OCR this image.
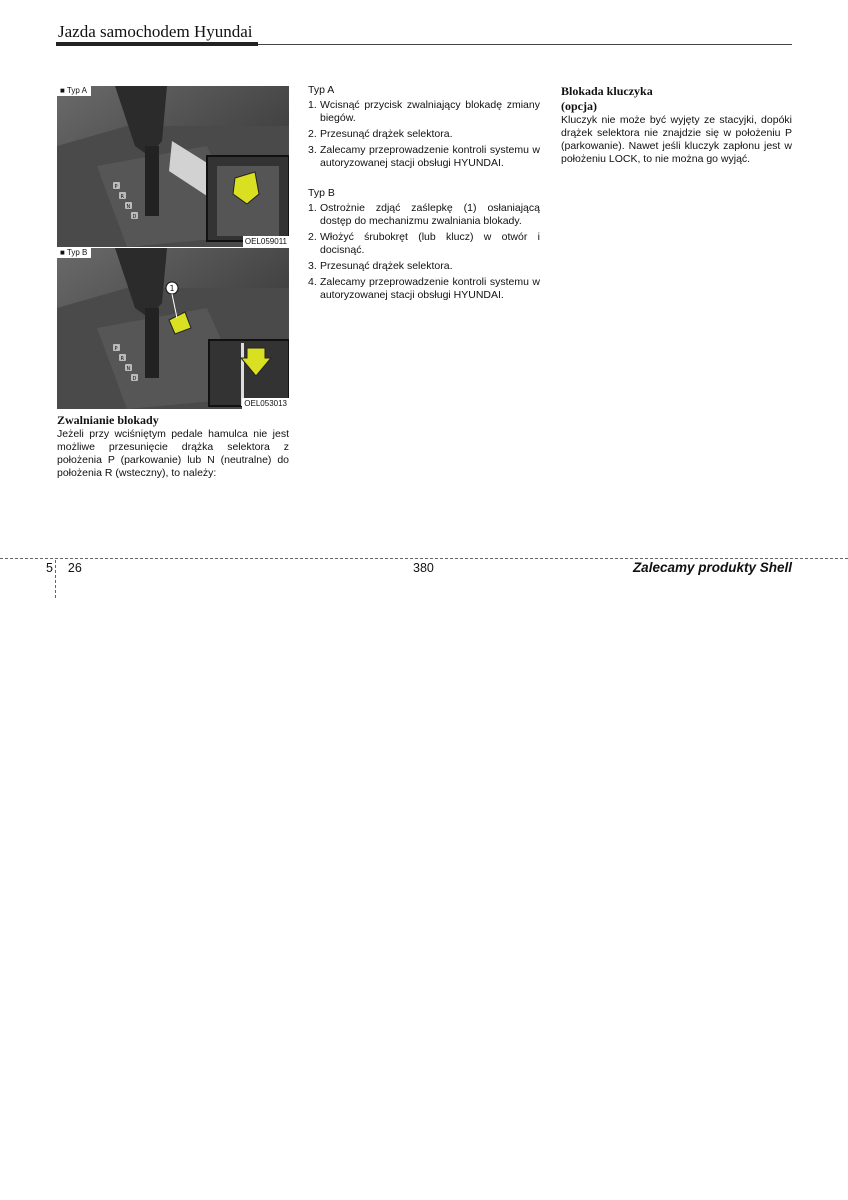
Jazda samochodem Hyundai
P
R
N
D
■ Typ A
OEL059011
1
P
R
N
D
■ Typ B
OEL053013
Zwalnianie blokady
Jeżeli przy wciśniętym pedale hamulca nie jest możliwe przesunięcie drążka selektora z położenia P (parkowanie) lub N (neutralne) do położenia R (wsteczny), to należy:
Typ A
1. Wcisnąć przycisk zwalniający blokadę zmiany biegów.
2. Przesunąć drążek selektora.
3. Zalecamy przeprowadzenie kontroli systemu w autoryzowanej stacji obsługi HYUNDAI.
Typ B
1. Ostrożnie zdjąć zaślepkę (1) osłaniającą dostęp do mechanizmu zwalniania blokady.
2. Włożyć śrubokręt (lub klucz) w otwór i docisnąć.
3. Przesunąć drążek selektora.
4. Zalecamy przeprowadzenie kontroli systemu w autoryzowanej stacji obsługi HYUNDAI.
Blokada kluczyka
(opcja)
Kluczyk nie może być wyjęty ze stacyjki, dopóki drążek selektora nie znajdzie się w położeniu P (parkowanie). Nawet jeśli kluczyk zapłonu jest w położeniu LOCK, to nie można go wyjąć.
5 26	380	Zalecamy produkty Shell
